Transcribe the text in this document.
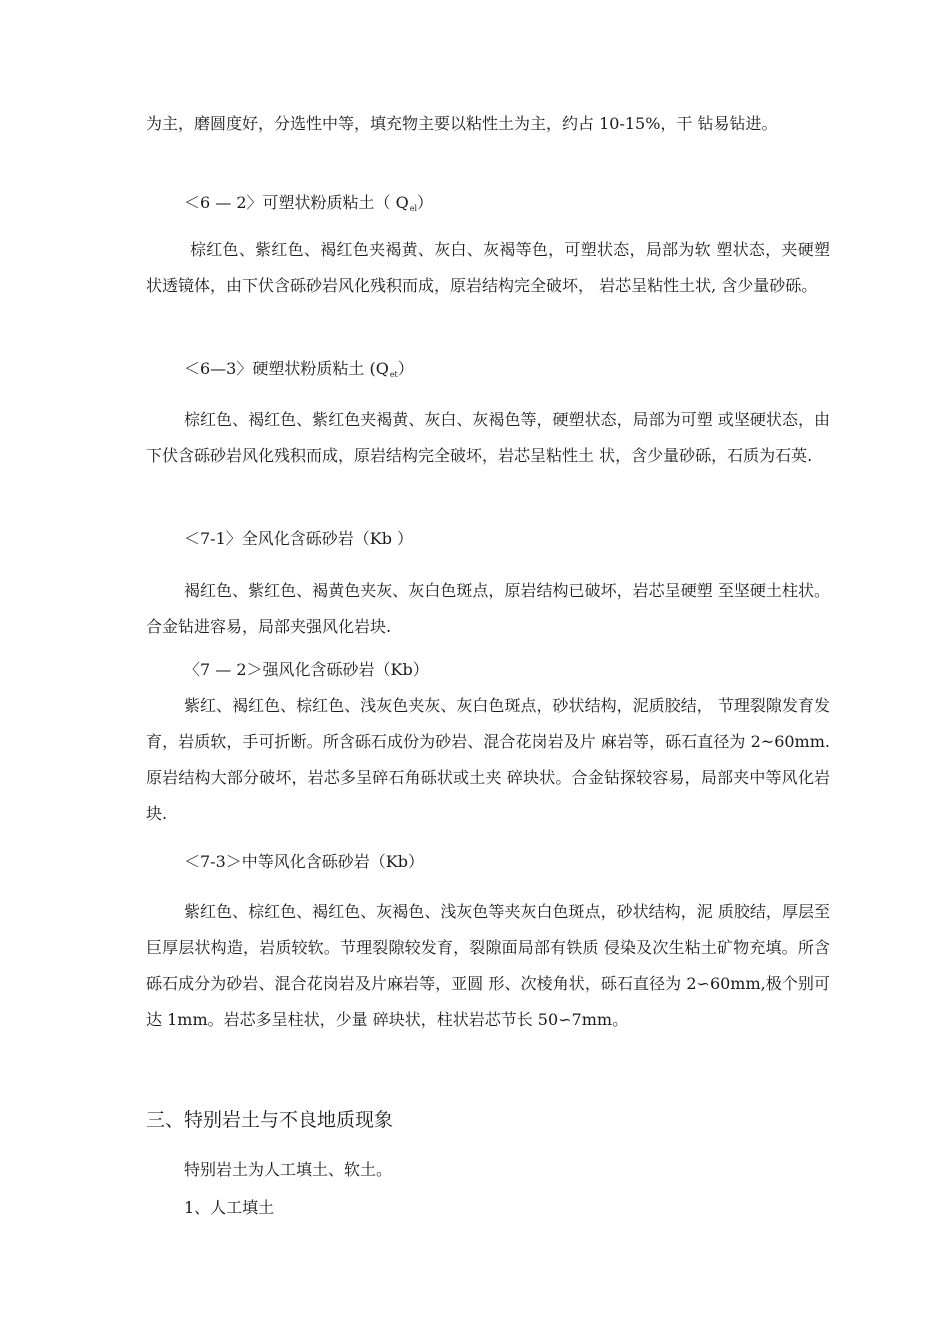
为主，磨圆度好，分选性中等，填充物主要以粘性土为主，约占 10-15%，干 钻易钻进。
＜6 — 2〉可塑状粉质粘土（ $Q_{el}$）
棕红色、紫红色、褐红色夹褐黄、灰白、灰褐等色，可塑状态，局部为软 塑状态，夹硬塑状透镜体，由下伏含砾砂岩风化残积而成，原岩结构完全破坏， 岩芯呈粘性土状, 含少量砂砾。
＜6—3〉硬塑状粉质粘土 $(Q_{et})$
棕红色、褐红色、紫红色夹褐黄、灰白、灰褐色等，硬塑状态，局部为可塑 或坚硬状态，由下伏含砾砂岩风化残积而成，原岩结构完全破坏，岩芯呈粘性土 状，含少量砂砾，石质为石英.
＜7-1〉全风化含砾砂岩（Kb ）
褐红色、紫红色、褐黄色夹灰、灰白色斑点，原岩结构已破坏，岩芯呈硬塑 至坚硬土柱状。合金钻进容易，局部夹强风化岩块.
〈7 — 2＞强风化含砾砂岩（Kb）
紫红、褐红色、棕红色、浅灰色夹灰、灰白色斑点，砂状结构，泥质胶结， 节理裂隙发育发育，岩质软，手可折断。所含砾石成份为砂岩、混合花岗岩及片 麻岩等，砾石直径为 2~60mm. 原岩结构大部分破坏，岩芯多呈碎石角砾状或土夹 碎块状。合金钻探较容易，局部夹中等风化岩块.
＜7-3＞中等风化含砾砂岩（Kb）
紫红色、棕红色、褐红色、灰褐色、浅灰色等夹灰白色斑点，砂状结构，泥 质胶结，厚层至巨厚层状构造，岩质较软。节理裂隙较发育，裂隙面局部有铁质 侵染及次生粘土矿物充填。所含砾石成分为砂岩、混合花岗岩及片麻岩等，亚圆 形、次棱角状，砾石直径为 2∽60mm,极个别可达 1mm。岩芯多呈柱状，少量 碎块状，柱状岩芯节长 50∽7mm。
三、特别岩土与不良地质现象
特别岩土为人工填土、软土。
1、人工填土
